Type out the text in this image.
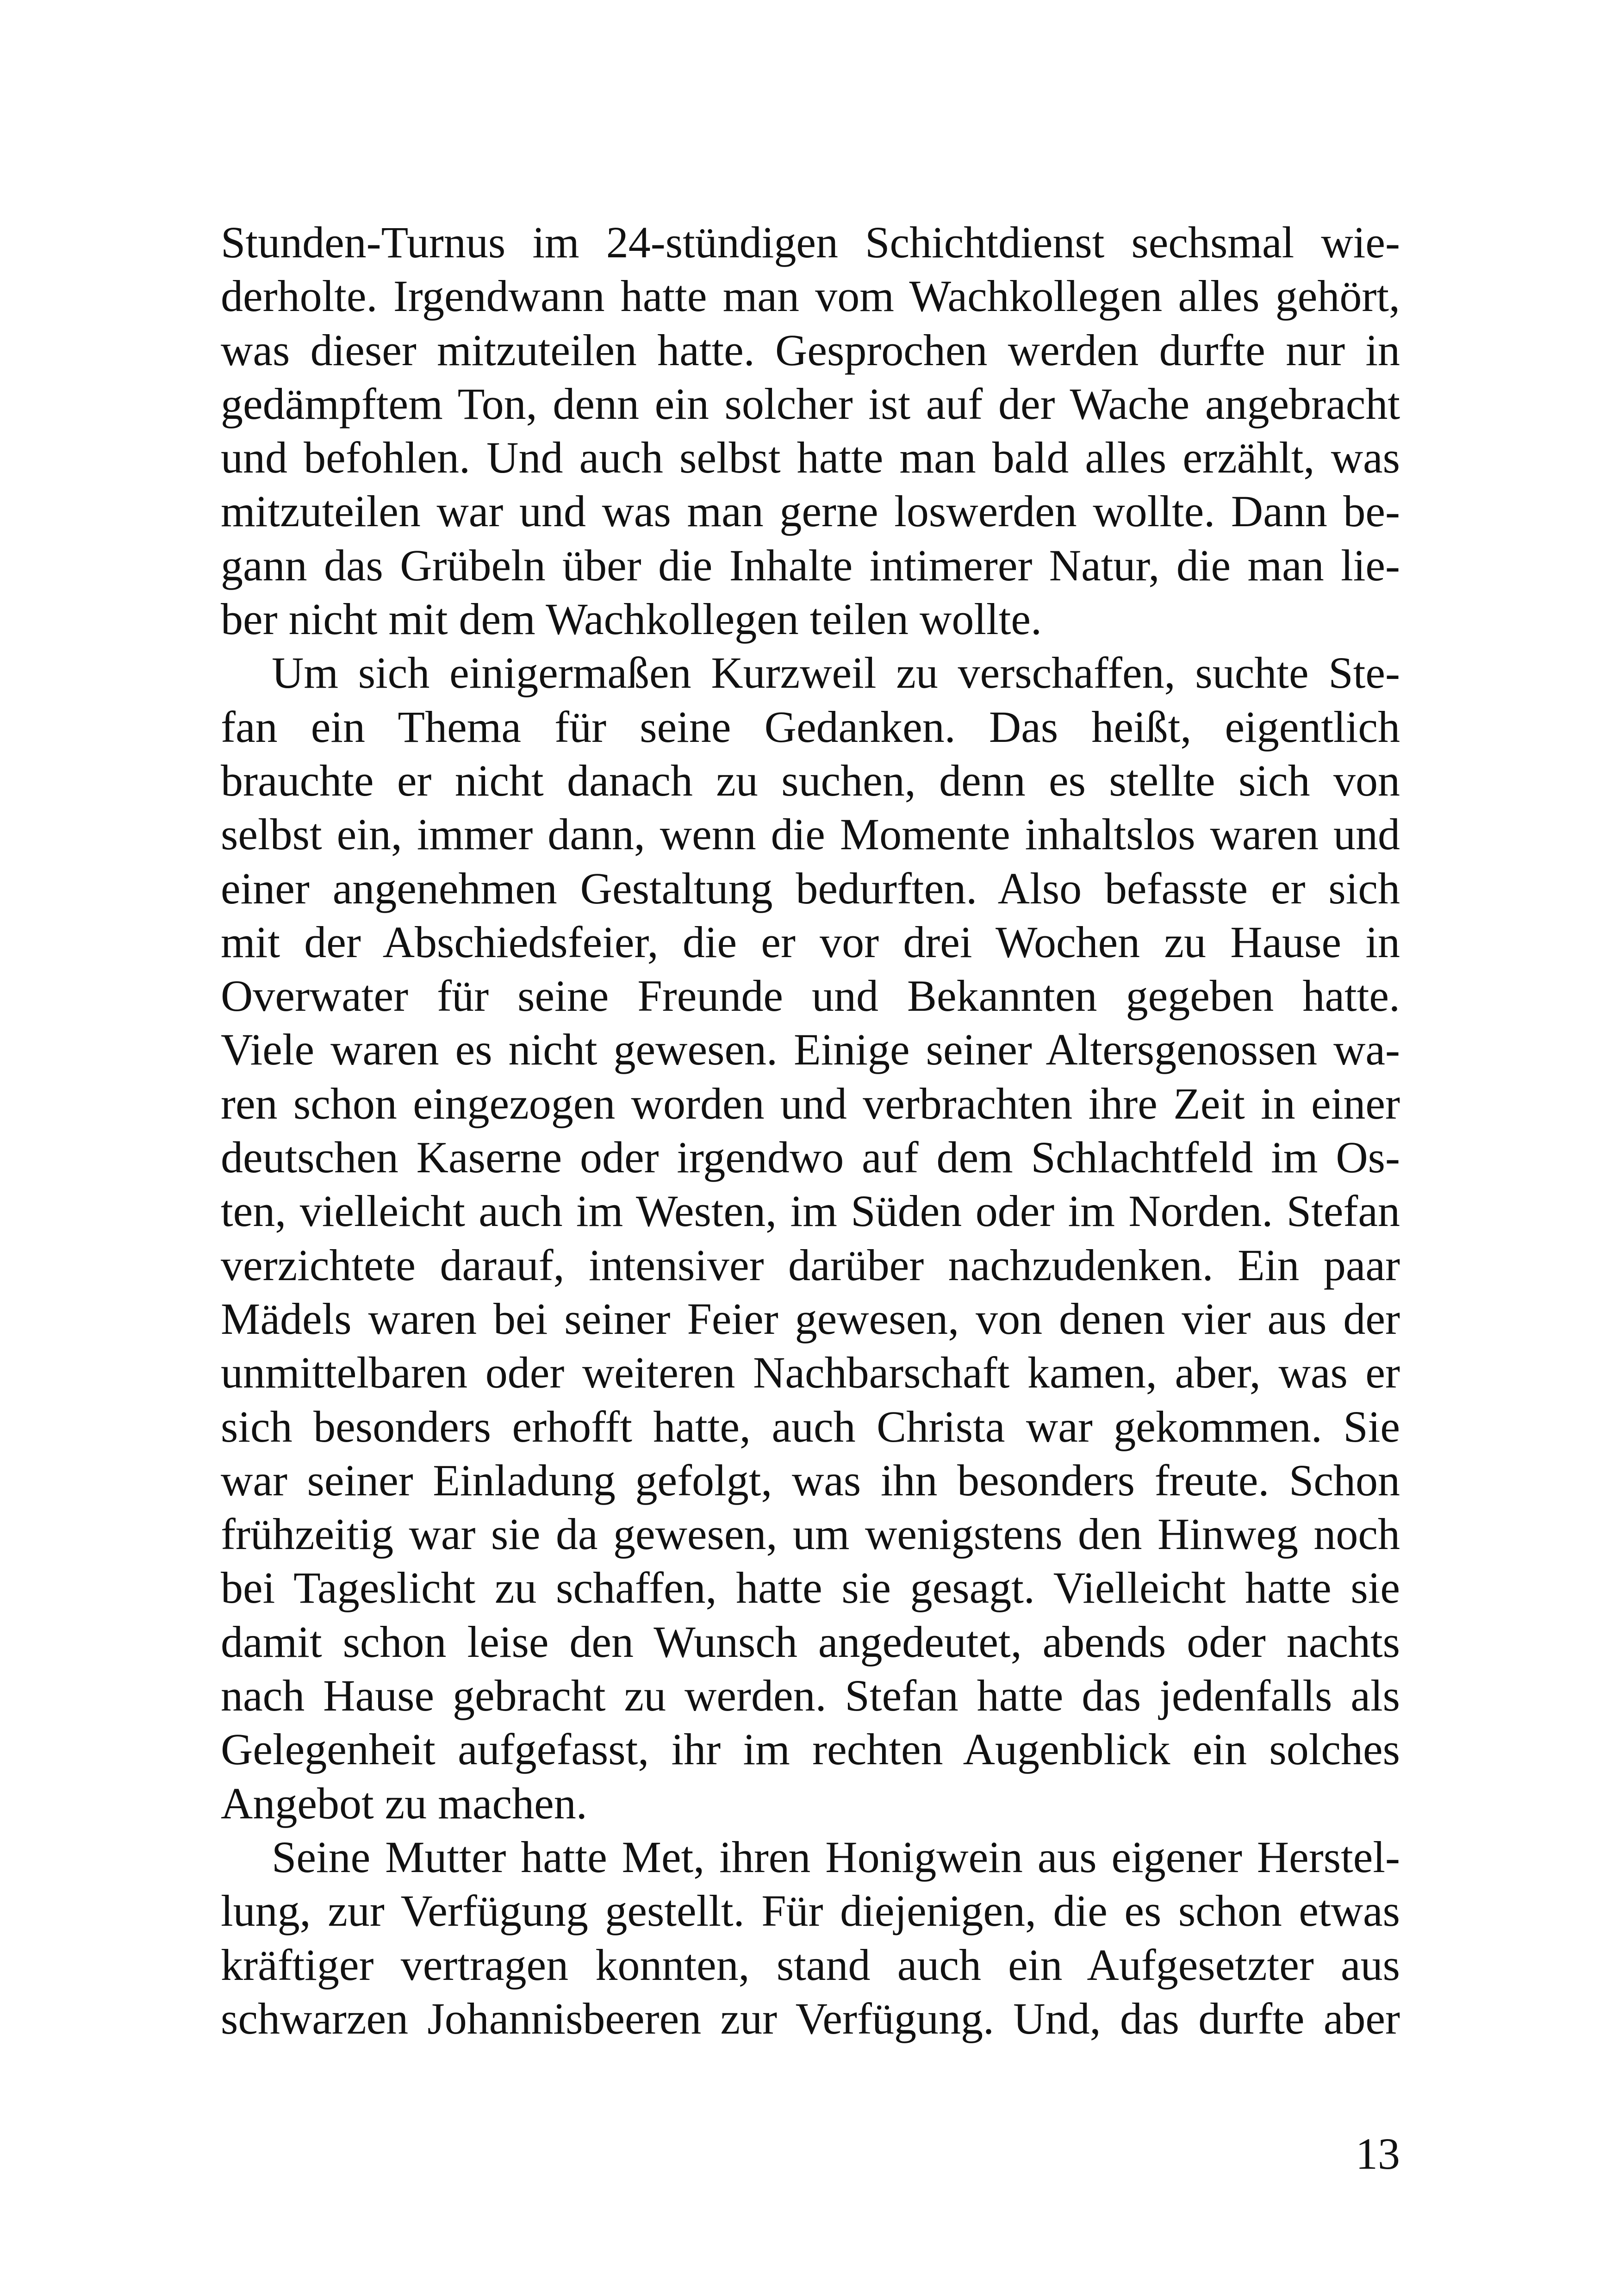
Stunden-Turnus im 24-stündigen Schichtdienst sechsmal wie-
derholte. Irgendwann hatte man vom Wachkollegen alles gehört,
was dieser mitzuteilen hatte. Gesprochen werden durfte nur in
gedämpftem Ton, denn ein solcher ist auf der Wache angebracht
und befohlen. Und auch selbst hatte man bald alles erzählt, was
mitzuteilen war und was man gerne loswerden wollte. Dann be-
gann das Grübeln über die Inhalte intimerer Natur, die man lie-
ber nicht mit dem Wachkollegen teilen wollte.
Um sich einigermaßen Kurzweil zu verschaffen, suchte Ste-
fan ein Thema für seine Gedanken. Das heißt, eigentlich
brauchte er nicht danach zu suchen, denn es stellte sich von
selbst ein, immer dann, wenn die Momente inhaltslos waren und
einer angenehmen Gestaltung bedurften. Also befasste er sich
mit der Abschiedsfeier, die er vor drei Wochen zu Hause in
Overwater für seine Freunde und Bekannten gegeben hatte.
Viele waren es nicht gewesen. Einige seiner Altersgenossen wa-
ren schon eingezogen worden und verbrachten ihre Zeit in einer
deutschen Kaserne oder irgendwo auf dem Schlachtfeld im Os-
ten, vielleicht auch im Westen, im Süden oder im Norden. Stefan
verzichtete darauf, intensiver darüber nachzudenken. Ein paar
Mädels waren bei seiner Feier gewesen, von denen vier aus der
unmittelbaren oder weiteren Nachbarschaft kamen, aber, was er
sich besonders erhofft hatte, auch Christa war gekommen. Sie
war seiner Einladung gefolgt, was ihn besonders freute. Schon
frühzeitig war sie da gewesen, um wenigstens den Hinweg noch
bei Tageslicht zu schaffen, hatte sie gesagt. Vielleicht hatte sie
damit schon leise den Wunsch angedeutet, abends oder nachts
nach Hause gebracht zu werden. Stefan hatte das jedenfalls als
Gelegenheit aufgefasst, ihr im rechten Augenblick ein solches
Angebot zu machen.
Seine Mutter hatte Met, ihren Honigwein aus eigener Herstel-
lung, zur Verfügung gestellt. Für diejenigen, die es schon etwas
kräftiger vertragen konnten, stand auch ein Aufgesetzter aus
schwarzen Johannisbeeren zur Verfügung. Und, das durfte aber
13
